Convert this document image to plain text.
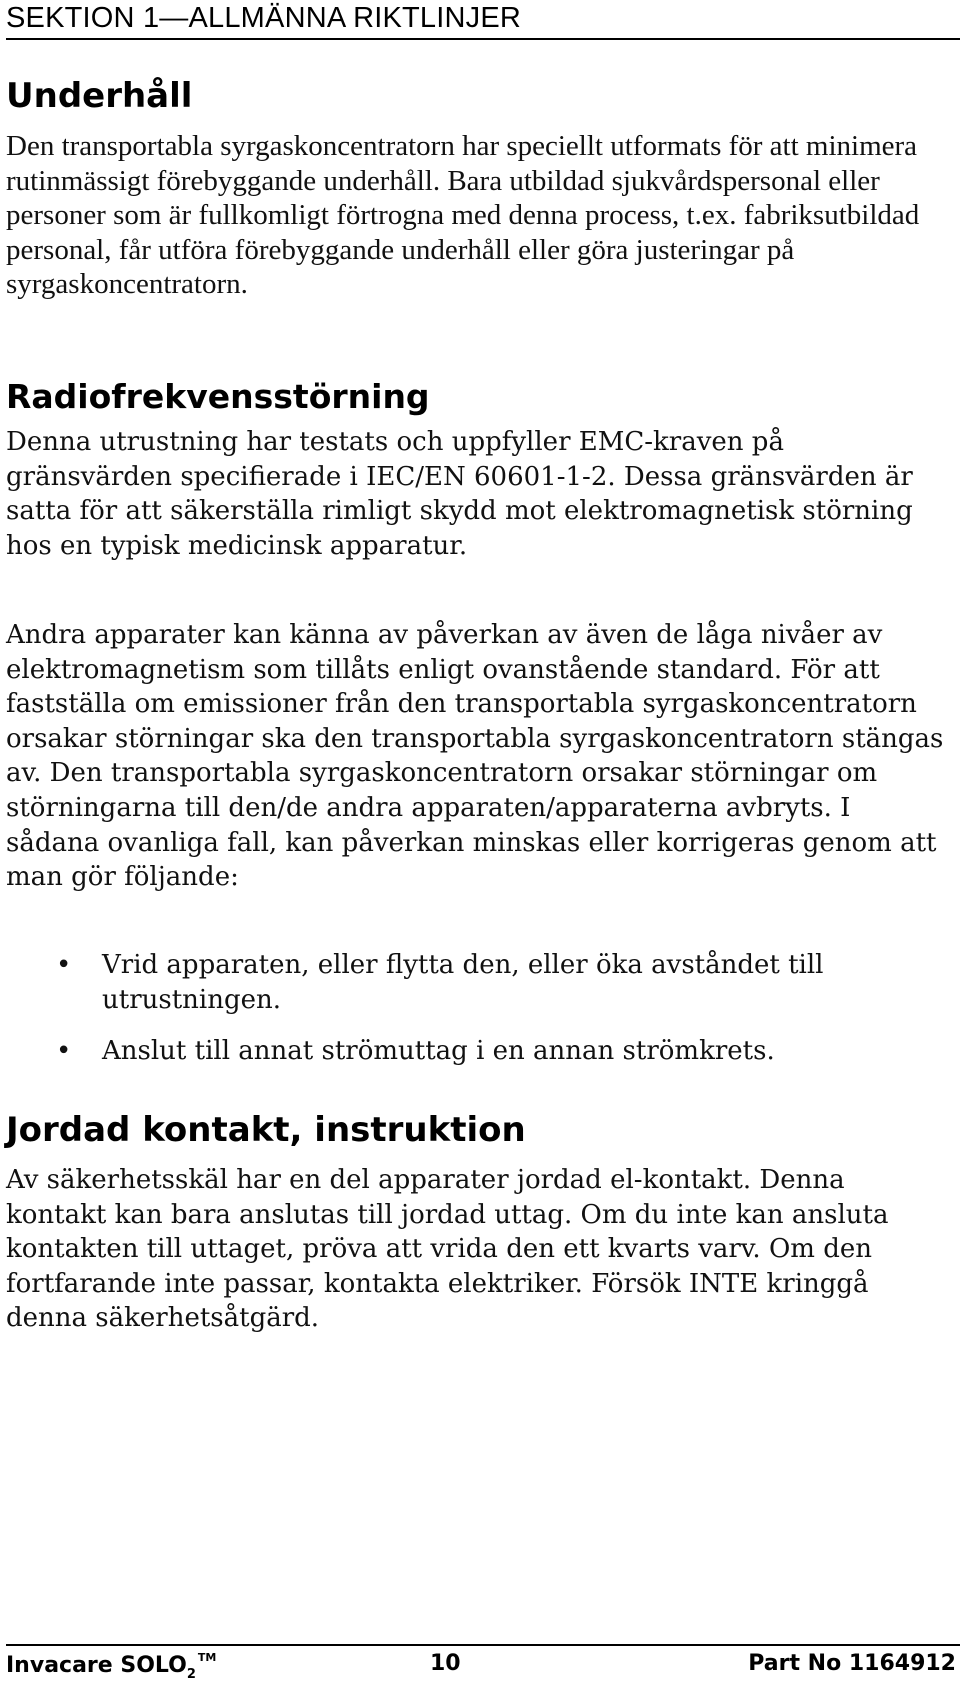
SEKTION 1—ALLMÄNNA RIKTLINJER
Underhåll

Den transportabla syrgaskoncentratorn har speciellt utformats för att minimera rutinmässigt förebyggande underhåll. Bara utbildad sjukvårdspersonal eller personer som är fullkomligt förtrogna med denna process, t.ex. fabriksutbildad personal, får utföra förebyggande underhåll eller göra justeringar på syrgaskoncentratorn.

Radiofrekvensstörning

Denna utrustning har testats och uppfyller EMC-kraven på gränsvärden specifierade i IEC/EN 60601-1-2. Dessa gränsvärden är satta för att säkerställa rimligt skydd mot elektromagnetisk störning hos en typisk medicinsk apparatur.

Andra apparater kan känna av påverkan av även de låga nivåer av elektromagnetism som tillåts enligt ovanstående standard. För att fastställa om emissioner från den transportabla syrgaskoncentratorn orsakar störningar ska den transportabla syrgaskoncentratorn stängas av. Den transportabla syrgaskoncentratorn orsakar störningar om störningarna till den/de andra apparaten/apparaterna avbryts. I sådana ovanliga fall, kan påverkan minskas eller korrigeras genom att man gör följande:

• Vrid apparaten, eller flytta den, eller öka avståndet till utrustningen.
• Anslut till annat strömuttag i en annan strömkrets.
Jordad kontakt, instruktion

Av säkerhetsskäl har en del apparater jordad el-kontakt. Denna kontakt kan bara anslutas till jordad uttag. Om du inte kan ansluta kontakten till uttaget, pröva att vrida den ett kvarts varv. Om den fortfarande inte passar, kontakta elektriker. Försök INTE kringgå denna säkerhetsåtgärd.

Invacare $SOLO_2™$	10	Part No 1164912
